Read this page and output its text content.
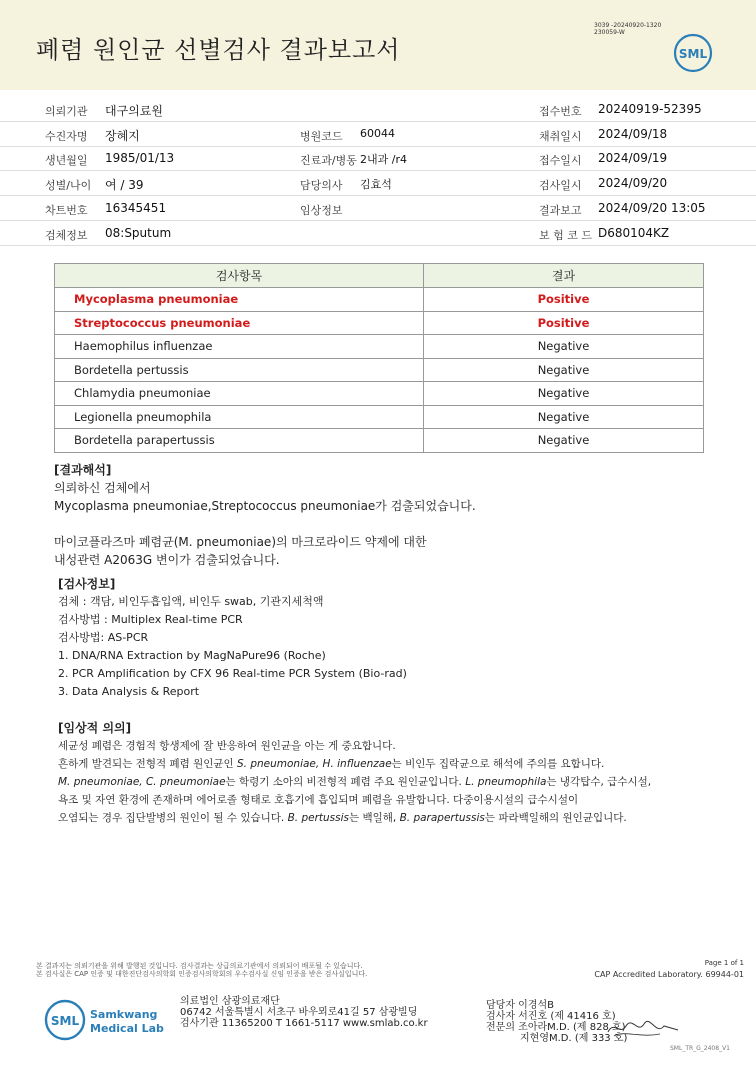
폐렴 원인균 선별검사 결과보고서
3039 -20240920-1320
230059-W
SML
의뢰기관 대구의료원	접수번호 20240919-52395
수진자명 장혜지	병원코드 60044	채취일시 2024/09/18
생년월일 1985/01/13	진료과/병동 2내과 /r4	접수일시 2024/09/19
성별/나이 여 / 39	담당의사 김효석	검사일시 2024/09/20
차트번호 16345451	임상정보	결과보고 2024/09/20 13:05
검체정보 08:Sputum	보 험 코 드 D680104KZ
검사항목	결과
Mycoplasma pneumoniae	Positive
Streptococcus pneumoniae	Positive
Haemophilus influenzae	Negative
Bordetella pertussis	Negative
Chlamydia pneumoniae	Negative
Legionella pneumophila	Negative
Bordetella parapertussis	Negative
[결과해석]
의뢰하신 검체에서
Mycoplasma pneumoniae,Streptococcus pneumoniae가 검출되었습니다.

마이코플라즈마 폐렴균(M. pneumoniae)의 마크로라이드 약제에 대한
내성관련 A2063G 변이가 검출되었습니다.
[검사정보]
검체 : 객담, 비인두흡입액, 비인두 swab, 기관지세척액
검사방법 : Multiplex Real-time PCR
검사방법: AS-PCR
1. DNA/RNA Extraction by MagNaPure96 (Roche)
2. PCR Amplification by CFX 96 Real-time PCR System (Bio-rad)
3. Data Analysis & Report
[임상적 의의]
세균성 폐렴은 경험적 항생제에 잘 반응하여 원인균을 아는 게 중요합니다.
흔하게 발견되는 전형적 폐렴 원인균인 S. pneumoniae, H. influenzae는 비인두 집락균으로 해석에 주의를 요합니다.
M. pneumoniae, C. pneumoniae는 학령기 소아의 비전형적 폐렴 주요 원인균입니다. L. pneumophila는 냉각탑수, 급수시설,
욕조 및 자연 환경에 존재하며 에어로졸 형태로 호흡기에 흡입되며 폐렴을 유발합니다. 다중이용시설의 급수시설이
오염되는 경우 집단발병의 원인이 될 수 있습니다. B. pertussis는 백일해, B. parapertussis는 파라백일해의 원인균입니다.
본 결과지는 의뢰기관을 위해 발행된 것입니다. 검사결과는 상급의료기관에서 의뢰되어 배포될 수 있습니다.
본 검사실은 CAP 인증 및 대한진단검사의학회 인증검사의학회의 우수검사실 신임 인증을 받은 검사실입니다.
Page 1 of 1
CAP Accredited Laboratory. 69944-01
SML Samkwang
Medical Lab
의료법인 삼광의료재단
06742 서울특별시 서초구 바우뫼로41길 57 삼광빌딩
검사기관 11365200 T 1661-5117 www.smlab.co.kr
담당자 이경석B
검사자 서진호 (제 41416 호)
전문의 조아라M.D. (제 828 호)
지현영M.D. (제 333 호)
SML_TR_G_2408_V1
